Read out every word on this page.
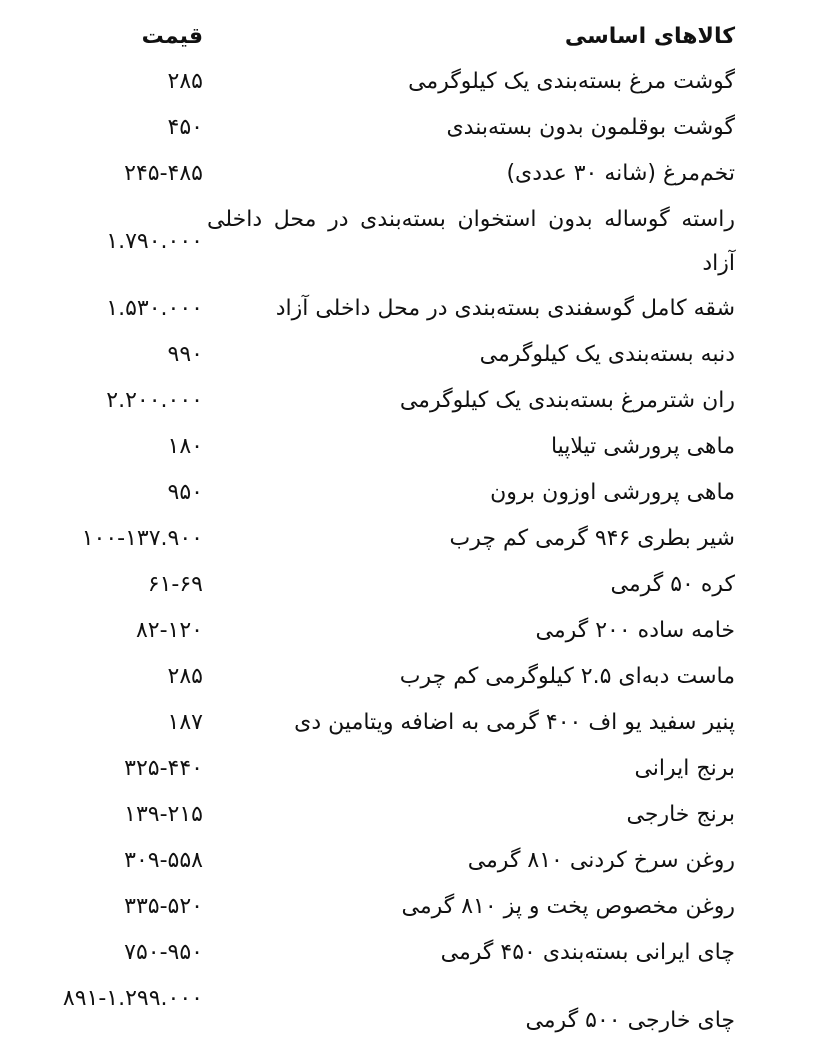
کالاهای اساسی
قیمت
گوشت مرغ بسته‌بندی یک کیلوگرمی
۲۸۵
گوشت بوقلمون بدون بسته‌بندی
۴۵۰
تخم‌مرغ (شانه ۳۰ عددی)
۲۴۵-۴۸۵
راسته گوساله بدون استخوان بسته‌بندی در محل داخلی آزاد
۱.۷۹۰.۰۰۰
شقه کامل گوسفندی بسته‌بندی در محل داخلی آزاد
۱.۵۳۰.۰۰۰
دنبه بسته‌بندی یک کیلوگرمی
۹۹۰
ران شترمرغ بسته‌بندی یک کیلوگرمی
۲.۲۰۰.۰۰۰
ماهی پرورشی تیلاپیا
۱۸۰
ماهی پرورشی اوزون برون
۹۵۰
شیر بطری ۹۴۶ گرمی کم چرب
۱۰۰-۱۳۷.۹۰۰
کره ۵۰ گرمی
۶۱-۶۹
خامه ساده ۲۰۰ گرمی
۸۲-۱۲۰
ماست دبه‌ای ۲.۵ کیلوگرمی کم چرب
۲۸۵
پنیر سفید یو اف ۴۰۰ گرمی به اضافه ویتامین دی
۱۸۷
برنج ایرانی
۳۲۵-۴۴۰
برنج خارجی
۱۳۹-۲۱۵
روغن سرخ کردنی ۸۱۰ گرمی
۳۰۹-۵۵۸
روغن مخصوص پخت و پز ۸۱۰ گرمی
۳۳۵-۵۲۰
چای ایرانی بسته‌بندی ۴۵۰ گرمی
۷۵۰-۹۵۰
چای خارجی ۵۰۰ گرمی
۸۹۱-۱.۲۹۹.۰۰۰
